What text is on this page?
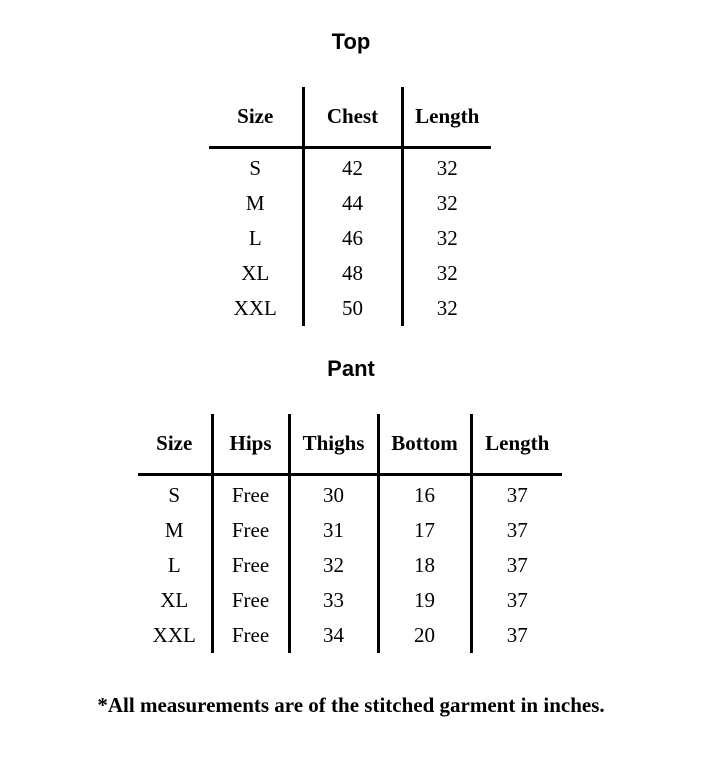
Top
Size	Chest	Length
S	42	32
M	44	32
L	46	32
XL	48	32
XXL	50	32
Pant
Size	Hips	Thighs	Bottom	Length
S	Free	30	16	37
M	Free	31	17	37
L	Free	32	18	37
XL	Free	33	19	37
XXL	Free	34	20	37

*All measurements are of the stitched garment in inches.
